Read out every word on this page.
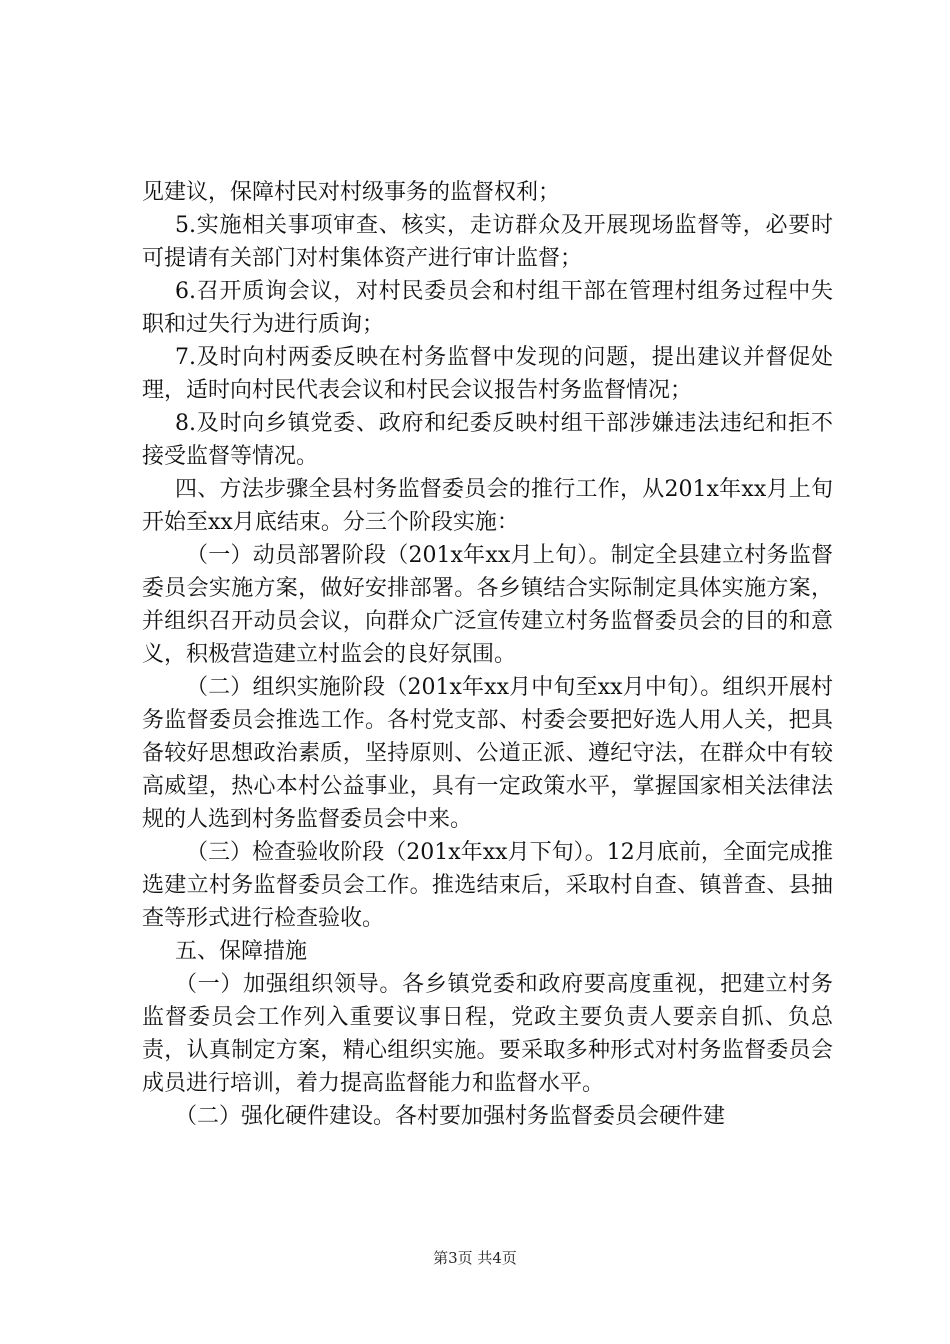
见建议，保障村民对村级事务的监督权利；

5.实施相关事项审查、核实，走访群众及开展现场监督等，必要时可提请有关部门对村集体资产进行审计监督；

6.召开质询会议，对村民委员会和村组干部在管理村组务过程中失职和过失行为进行质询；

7.及时向村两委反映在村务监督中发现的问题，提出建议并督促处理，适时向村民代表会议和村民会议报告村务监督情况；

8.及时向乡镇党委、政府和纪委反映村组干部涉嫌违法违纪和拒不接受监督等情况。

四、方法步骤全县村务监督委员会的推行工作，从201x年xx月上旬开始至xx月底结束。分三个阶段实施：

（一）动员部署阶段（201x年xx月上旬）。制定全县建立村务监督委员会实施方案，做好安排部署。各乡镇结合实际制定具体实施方案，并组织召开动员会议，向群众广泛宣传建立村务监督委员会的目的和意义，积极营造建立村监会的良好氛围。

（二）组织实施阶段（201x年xx月中旬至xx月中旬）。组织开展村务监督委员会推选工作。各村党支部、村委会要把好选人用人关，把具备较好思想政治素质，坚持原则、公道正派、遵纪守法，在群众中有较高威望，热心本村公益事业，具有一定政策水平，掌握国家相关法律法规的人选到村务监督委员会中来。

（三）检查验收阶段（201x年xx月下旬）。12月底前，全面完成推选建立村务监督委员会工作。推选结束后，采取村自查、镇普查、县抽查等形式进行检查验收。

五、保障措施

（一）加强组织领导。各乡镇党委和政府要高度重视，把建立村务监督委员会工作列入重要议事日程，党政主要负责人要亲自抓、负总责，认真制定方案，精心组织实施。要采取多种形式对村务监督委员会成员进行培训，着力提高监督能力和监督水平。

（二）强化硬件建设。各村要加强村务监督委员会硬件建

第3页 共4页
